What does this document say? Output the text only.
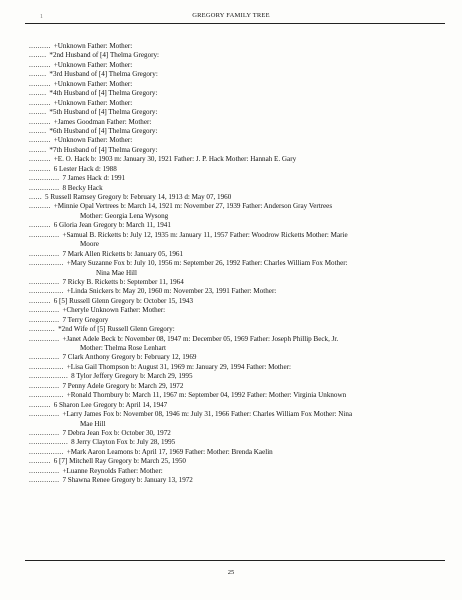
1	GREGORY FAMILY TREE
.......... +Unknown Father: Mother:
........ *2nd Husband of [4] Thelma Gregory:
.......... +Unknown Father: Mother:
........ *3rd Husband of [4] Thelma Gregory:
.......... +Unknown Father: Mother:
........ *4th Husband of [4] Thelma Gregory:
.......... +Unknown Father: Mother:
........ *5th Husband of [4] Thelma Gregory:
.......... +James Goodman Father: Mother:
........ *6th Husband of [4] Thelma Gregory:
.......... +Unknown Father: Mother:
........ *7th Husband of [4] Thelma Gregory:
.......... +E. O. Hack b: 1903 m: January 30, 1921 Father: J. P. Hack Mother: Hannah E. Gary
.......... 6 Lester Hack d: 1988
.............. 7 James Hack d: 1991
.............. 8 Becky Hack
...... 5 Russell Ramsey Gregory b: February 14, 1913 d: May 07, 1960
.......... +Minnie Opal Vertrees b: March 14, 1921 m: November 27, 1939 Father: Anderson Gray Vertrees
Mother: Georgia Lena Wysong
.......... 6 Gloria Jean Gregory b: March 11, 1941
.............. +Samual B. Ricketts b: July 12, 1935 m: January 11, 1957 Father: Woodrow Ricketts Mother: Marie
Moore
.............. 7 Mark Allen Ricketts b: January 05, 1961
................ +Mary Suzanne Fox b: July 10, 1956 m: September 26, 1992 Father: Charles William Fox Mother:
Nina Mae Hill
.............. 7 Ricky B. Ricketts b: September 11, 1964
................ +Linda Snickers b: May 20, 1960 m: November 23, 1991 Father: Mother:
.......... 6 [5] Russell Glenn Gregory b: October 15, 1943
.............. +Cheryle Unknown Father: Mother:
.............. 7 Terry Gregory
............ *2nd Wife of [5] Russell Glenn Gregory:
.............. +Janet Adele Beck b: November 08, 1947 m: December 05, 1969 Father: Joseph Phillip Beck, Jr.
Mother: Thelma Rose Lenhart
.............. 7 Clark Anthony Gregory b: February 12, 1969
................ +Lisa Gail Thompson b: August 31, 1969 m: January 29, 1994 Father: Mother:
.................. 8 Tylor Jeffery Gregory b: March 29, 1995
.............. 7 Penny Adele Gregory b: March 29, 1972
................ +Ronald Thornbury b: March 11, 1967 m: September 04, 1992 Father: Mother: Virginia Unknown
.......... 6 Sharon Lee Gregory b: April 14, 1947
.............. +Larry James Fox b: November 08, 1946 m: July 31, 1966 Father: Charles William Fox Mother: Nina
Mae Hill
.............. 7 Debra Jean Fox b: October 30, 1972
.................. 8 Jerry Clayton Fox b: July 28, 1995
................ +Mark Aaron Leamons b: April 17, 1969 Father: Mother: Brenda Kaelin
.......... 6 [7] Mitchell Ray Gregory b: March 25, 1950
.............. +Luanne Reynolds Father: Mother:
.............. 7 Shawna Renee Gregory b: January 13, 1972
25
